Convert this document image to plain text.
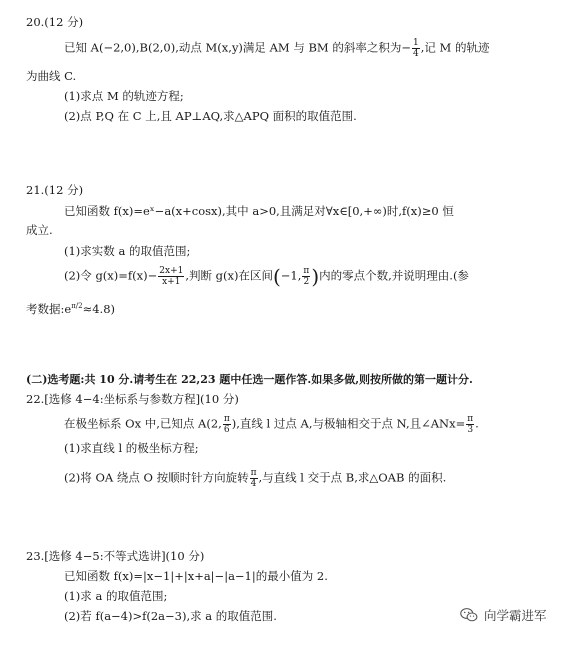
20.(12 分)
已知 A(−2,0),B(2,0),动点 M(x,y)满足 AM 与 BM 的斜率之积为− $\frac{1}{4}$ ,记 M 的轨迹
为曲线 C.
(1)求点 M 的轨迹方程;
(2)点 P,Q 在 C 上,且 AP⊥AQ,求△APQ 面积的取值范围.
21.(12 分)
已知函数 f(x)=eˣ−a(x+cosx),其中 a>0,且满足对∀x∈[0,+∞)时,f(x)≥0 恒
成立.
(1)求实数 a 的取值范围;
(2)令 $g(x)=f(x)- \frac{2x+1}{x+1}$ ,判断 g(x)在区间(−1, $\frac{\pi}{2}$ )内的零点个数,并说明理由.(参
考数据$:e^{\pi/2}\approx 4.8$)
(二)选考题:共 10 分.请考生在 22,23 题中任选一题作答.如果多做,则按所做的第一题计分.
22.[选修 4−4:坐标系与参数方程](10 分)
在极坐标系 Ox 中,已知点 A(2, $\frac{\pi}{6}$ ),直线 l 过点 A,与极轴相交于点 N,且∠ANx= $\frac{\pi}{3}$ .
(1)求直线 l 的极坐标方程;
(2)将 OA 绕点 O 按顺时针方向旋转 $\frac{\pi}{4}$ ,与直线 l 交于点 B,求△OAB 的面积.
23.[选修 4−5:不等式选讲](10 分)
已知函数 f(x)=|x−1|+|x+a|−|a−1|的最小值为 2.
(1)求 a 的取值范围;
(2)若 f(a−4)>f(2a−3),求 a 的取值范围.	向学霸进军
